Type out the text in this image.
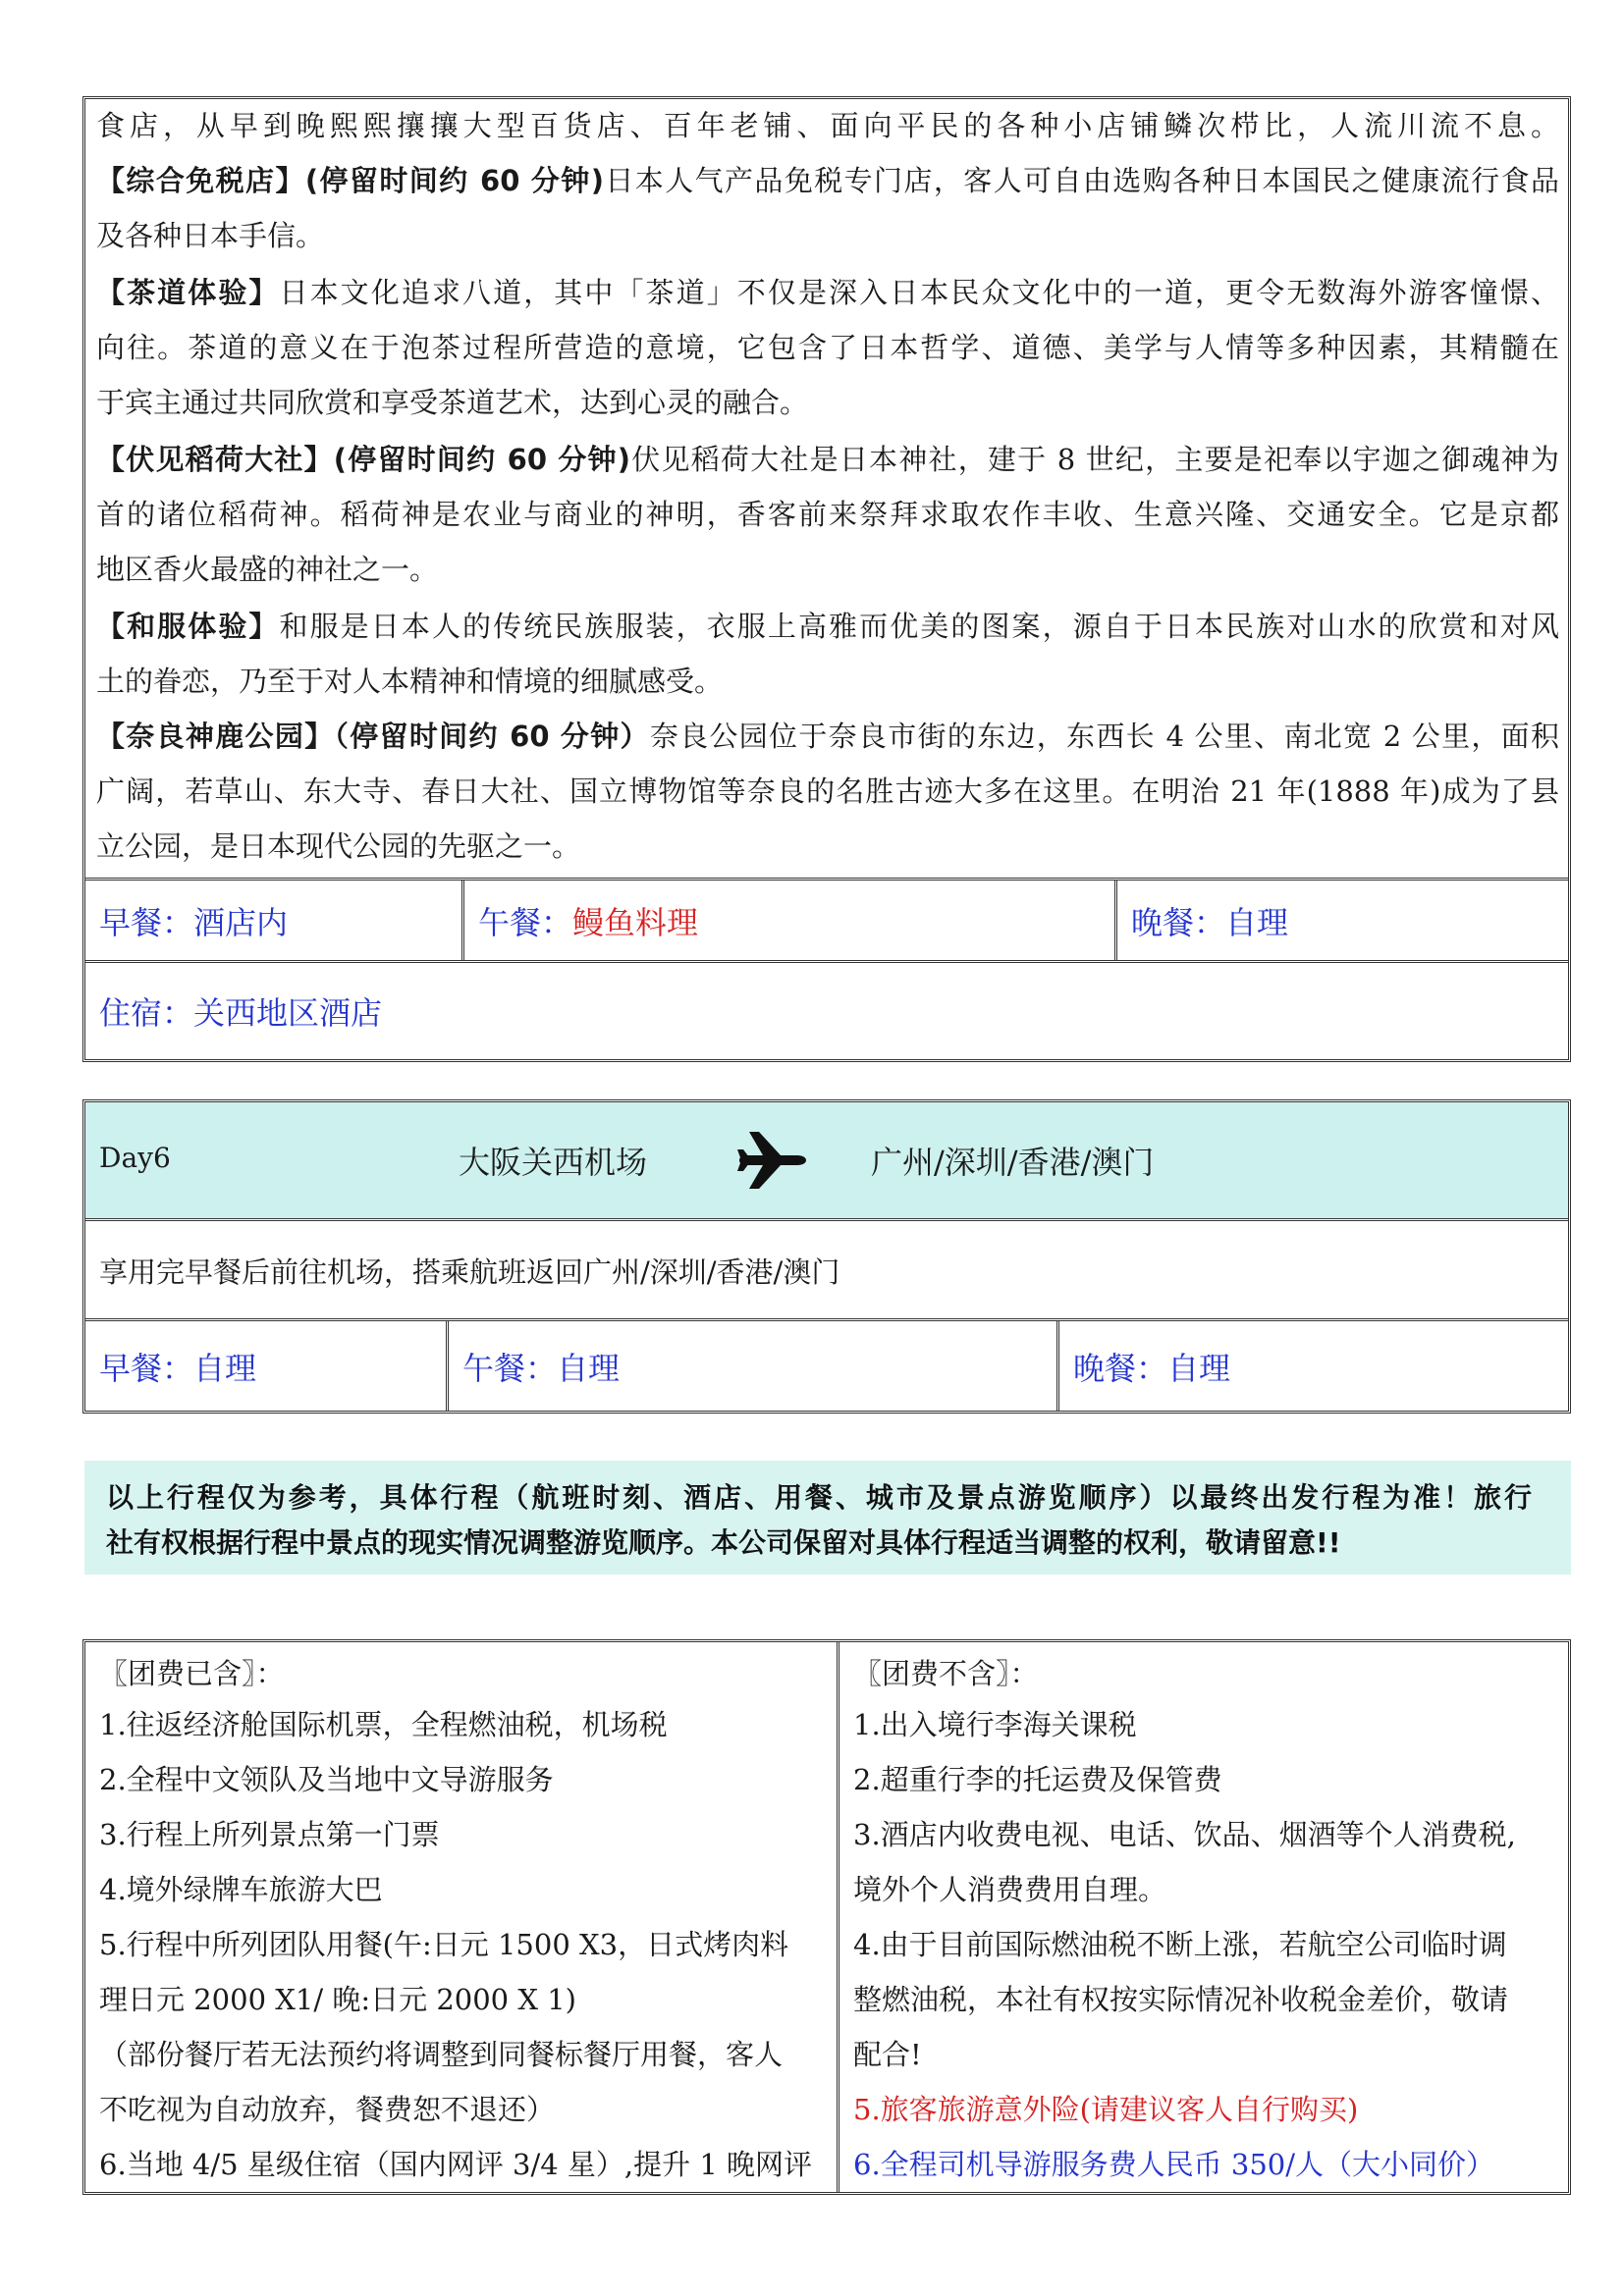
食店，从早到晚熙熙攘攘大型百货店、百年老铺、面向平民的各种小店铺鳞次栉比，人流川流不息。

【综合免税店】(停留时间约 60 分钟)日本人气产品免税专门店，客人可自由选购各种日本国民之健康流行食品

及各种日本手信。

【茶道体验】日本文化追求八道，其中「茶道」不仅是深入日本民众文化中的一道，更令无数海外游客憧憬、

向往。茶道的意义在于泡茶过程所营造的意境，它包含了日本哲学、道德、美学与人情等多种因素，其精髓在

于宾主通过共同欣赏和享受茶道艺术，达到心灵的融合。

【伏见稻荷大社】(停留时间约 60 分钟)伏见稻荷大社是日本神社，建于 8 世纪，主要是祀奉以宇迦之御魂神为

首的诸位稻荷神。稻荷神是农业与商业的神明，香客前来祭拜求取农作丰收、生意兴隆、交通安全。它是京都

地区香火最盛的神社之一。

【和服体验】和服是日本人的传统民族服装，衣服上高雅而优美的图案，源自于日本民族对山水的欣赏和对风

土的眷恋，乃至于对人本精神和情境的细腻感受。

【奈良神鹿公园】（停留时间约 60 分钟）奈良公园位于奈良市街的东边，东西长 4 公里、南北宽 2 公里，面积

广阔，若草山、东大寺、春日大社、国立博物馆等奈良的名胜古迹大多在这里。在明治 21 年(1888 年)成为了县

立公园，是日本现代公园的先驱之一。

早餐： 酒店内	午餐： 鳗鱼料理	晚餐： 自理
住宿： 关西地区酒店
Day6	大阪关西机场	广州/深圳/香港/澳门
享用完早餐后前往机场，搭乘航班返回广州/深圳/香港/澳门
早餐： 自理	午餐： 自理	晚餐： 自理
以上行程仅为参考，具体行程（航班时刻、酒店、用餐、城市及景点游览顺序）以最终出发行程为准！旅行
社有权根据行程中景点的现实情况调整游览顺序。本公司保留对具体行程适当调整的权利，敬请留意!!
〖团费已含〗：
1.往返经济舱国际机票，全程燃油税，机场税
2.全程中文领队及当地中文导游服务
3.行程上所列景点第一门票
4.境外绿牌车旅游大巴
5.行程中所列团队用餐(午:日元 1500 X3，日式烤肉料
理日元 2000 X1/ 晚:日元 2000 X 1)
（部份餐厅若无法预约将调整到同餐标餐厅用餐，客人
不吃视为自动放弃，餐费恕不退还）
6.当地 4/5 星级住宿（国内网评 3/4 星）,提升 1 晚网评
〖团费不含〗：
1.出入境行李海关课税
2.超重行李的托运费及保管费
3.酒店内收费电视、电话、饮品、烟酒等个人消费税,
境外个人消费费用自理。
4.由于目前国际燃油税不断上涨，若航空公司临时调
整燃油税，本社有权按实际情况补收税金差价，敬请
配合!
5.旅客旅游意外险(请建议客人自行购买)
6.全程司机导游服务费人民币 350/人（大小同价）
